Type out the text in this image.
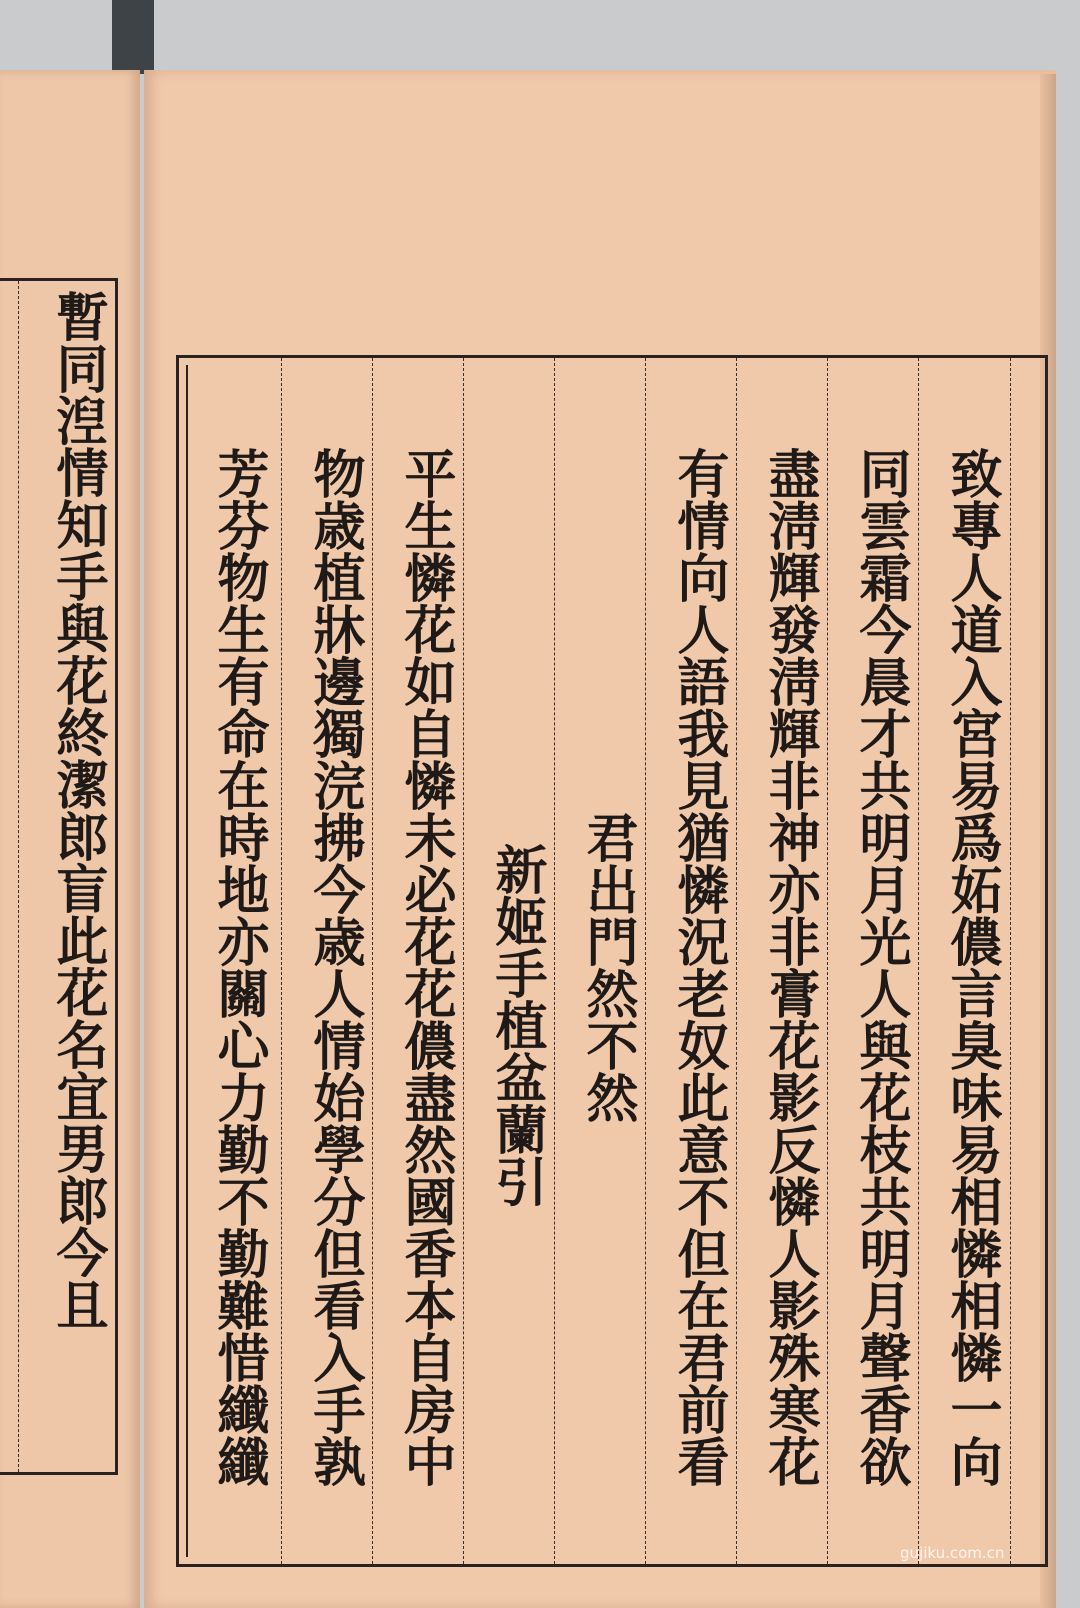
暫同湼情知手與花終潔郎盲此花名宜男郎今且	致專人道入宮易爲妬儂言臭味易相憐相憐一向
同雲霜今晨才共明月光人與花枝共明月聲香欲
盡淸輝發淸輝非神亦非膏花影反憐人影殊寒花
有情向人語我見猶憐況老奴此意不但在君前看
君出門然不然
新姬手植盆蘭引
平生憐花如自憐未必花花儂盡然國香本自房中
物歳植牀邊獨浣拂今歳人情始學分但看入手孰
芳芬物生有命在時地亦關心力勤不勤難惜纖纖
gujiku.com.cn
